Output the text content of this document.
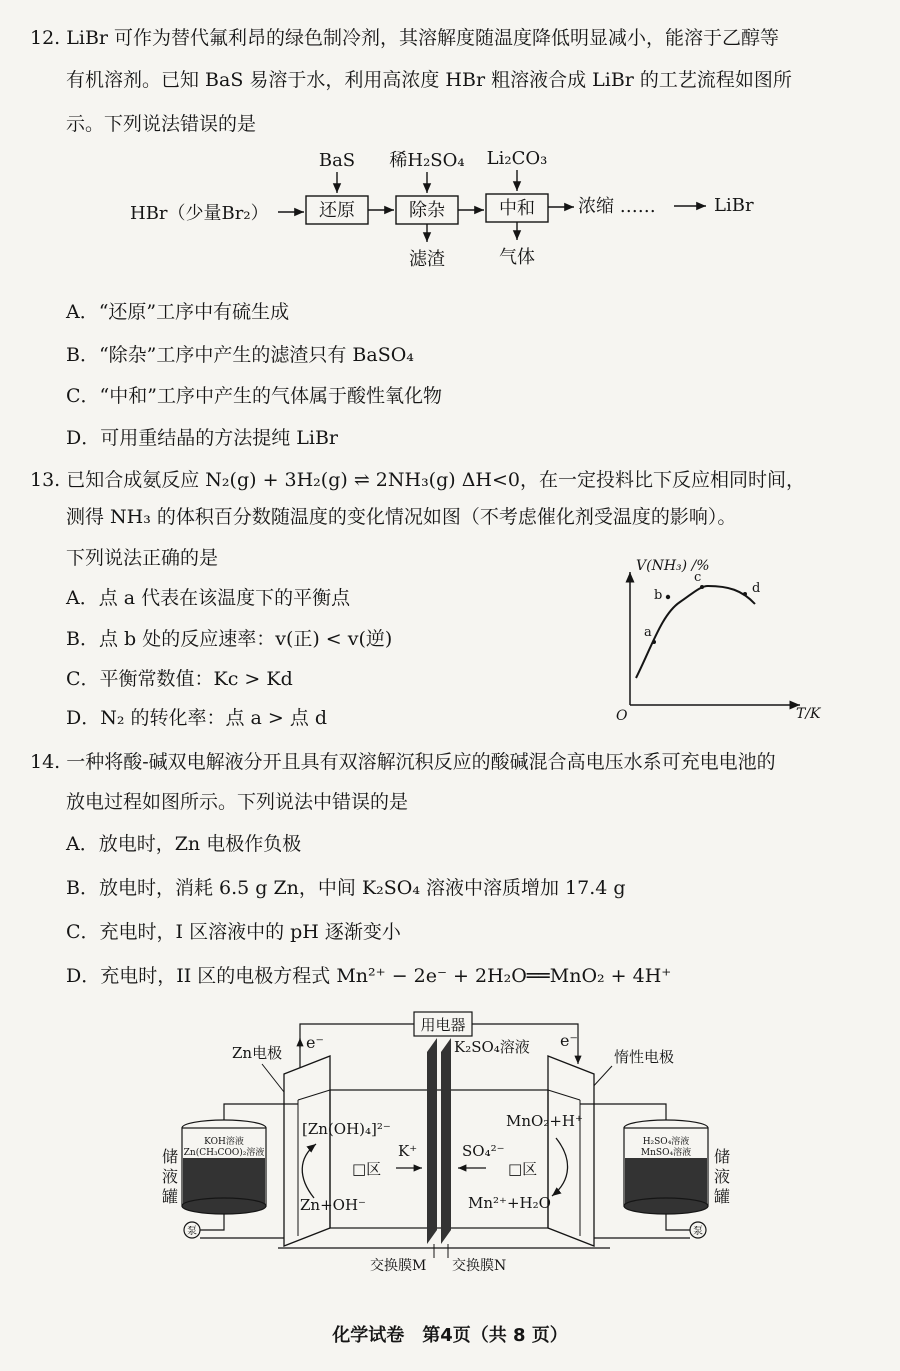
12. LiBr 可作为替代氟利昂的绿色制冷剂，其溶解度随温度降低明显减小，能溶于乙醇等
有机溶剂。已知 BaS 易溶于水，利用高浓度 HBr 粗溶液合成 LiBr 的工艺流程如图所
示。下列说法错误的是
HBr（少量Br₂）	还原	除杂	中和 浓缩 ……	LiBr
BaS 稀H₂SO₄ Li₂CO₃
滤渣	气体
A．“还原”工序中有硫生成
B．“除杂”工序中产生的滤渣只有 BaSO₄
C．“中和”工序中产生的气体属于酸性氧化物
D．可用重结晶的方法提纯 LiBr
13. 已知合成氨反应 N₂(g) + 3H₂(g) ⇌ 2NH₃(g) ΔH<0，在一定投料比下反应相同时间，
测得 NH₃ 的体积百分数随温度的变化情况如图（不考虑催化剂受温度的影响）。
下列说法正确的是
A．点 a 代表在该温度下的平衡点
B．点 b 处的反应速率：v(正) < v(逆)
C．平衡常数值：Kc > Kd
D．N₂ 的转化率：点 a > 点 d
V(NH₃) /%
T/K
O
a
b
c
d
14. 一种将酸-碱双电解液分开且具有双溶解沉积反应的酸碱混合高电压水系可充电电池的
放电过程如图所示。下列说法中错误的是
A．放电时，Zn 电极作负极
B．放电时，消耗 6.5 g Zn，中间 K₂SO₄ 溶液中溶质增加 17.4 g
C．充电时，Ⅰ 区溶液中的 pH 逐渐变小
D．充电时，II 区的电极方程式 Mn²⁺ − 2e⁻ + 2H₂O══MnO₂ + 4H⁺
用电器
e⁻	e⁻
Zn电极	惰性电极
K₂SO₄溶液
交换膜M 交换膜N
[Zn(OH)₄]²⁻
Zn+OH⁻
□区
K⁺	SO₄²⁻
□区
MnO₂+H⁺
Mn²⁺+H₂O
KOH溶液
Zn(CH₃COO)₂溶液
泵
储
液
罐
H₂SO₄溶液
MnSO₄溶液
泵
储
液
罐
化学试卷　第4页（共 8 页）
